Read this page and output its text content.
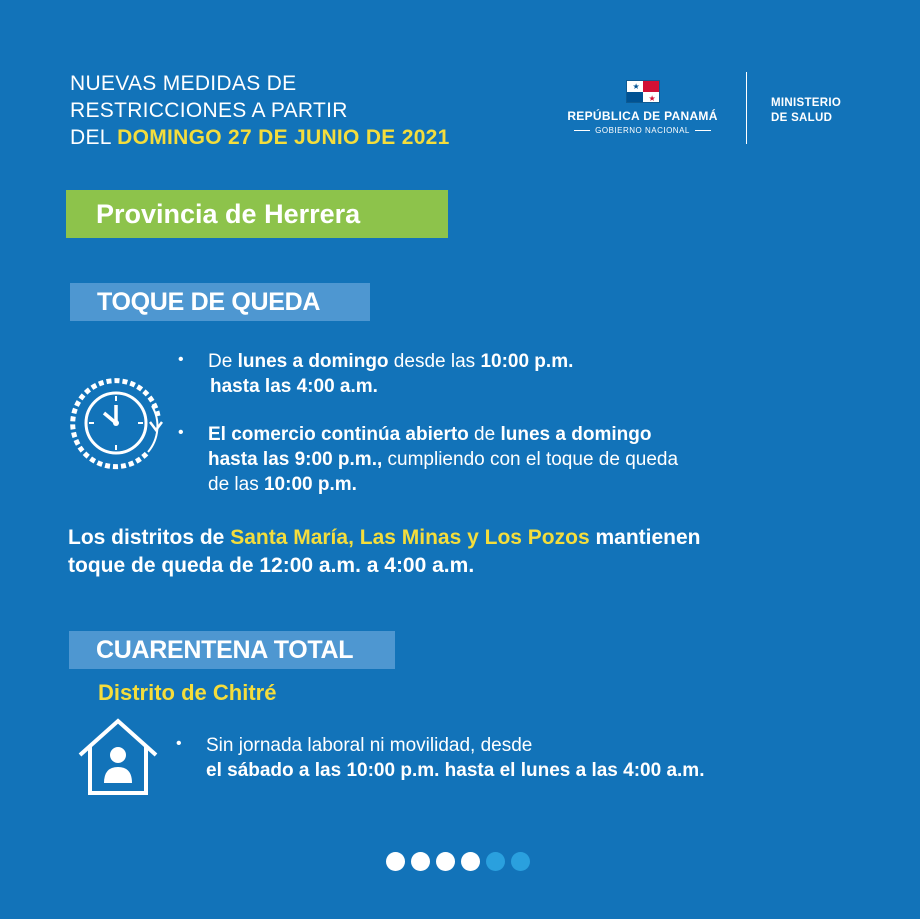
NUEVAS MEDIDAS DE
RESTRICCIONES A PARTIR
DEL DOMINGO 27 DE JUNIO DE 2021
★
★
REPÚBLICA DE PANAMÁ
GOBIERNO NACIONAL
MINISTERIO
DE SALUD
Provincia de Herrera
TOQUE DE QUEDA
• De lunes a domingo desde las 10:00 p.m.
hasta las 4:00 a.m.
• El comercio continúa abierto de lunes a domingo
hasta las 9:00 p.m., cumpliendo con el toque de queda
de las 10:00 p.m.
Los distritos de Santa María, Las Minas y Los Pozos mantienen
toque de queda de 12:00 a.m. a 4:00 a.m.
CUARENTENA TOTAL
Distrito de Chitré
• Sin jornada laboral ni movilidad, desde
el sábado a las 10:00 p.m. hasta el lunes a las 4:00 a.m.
